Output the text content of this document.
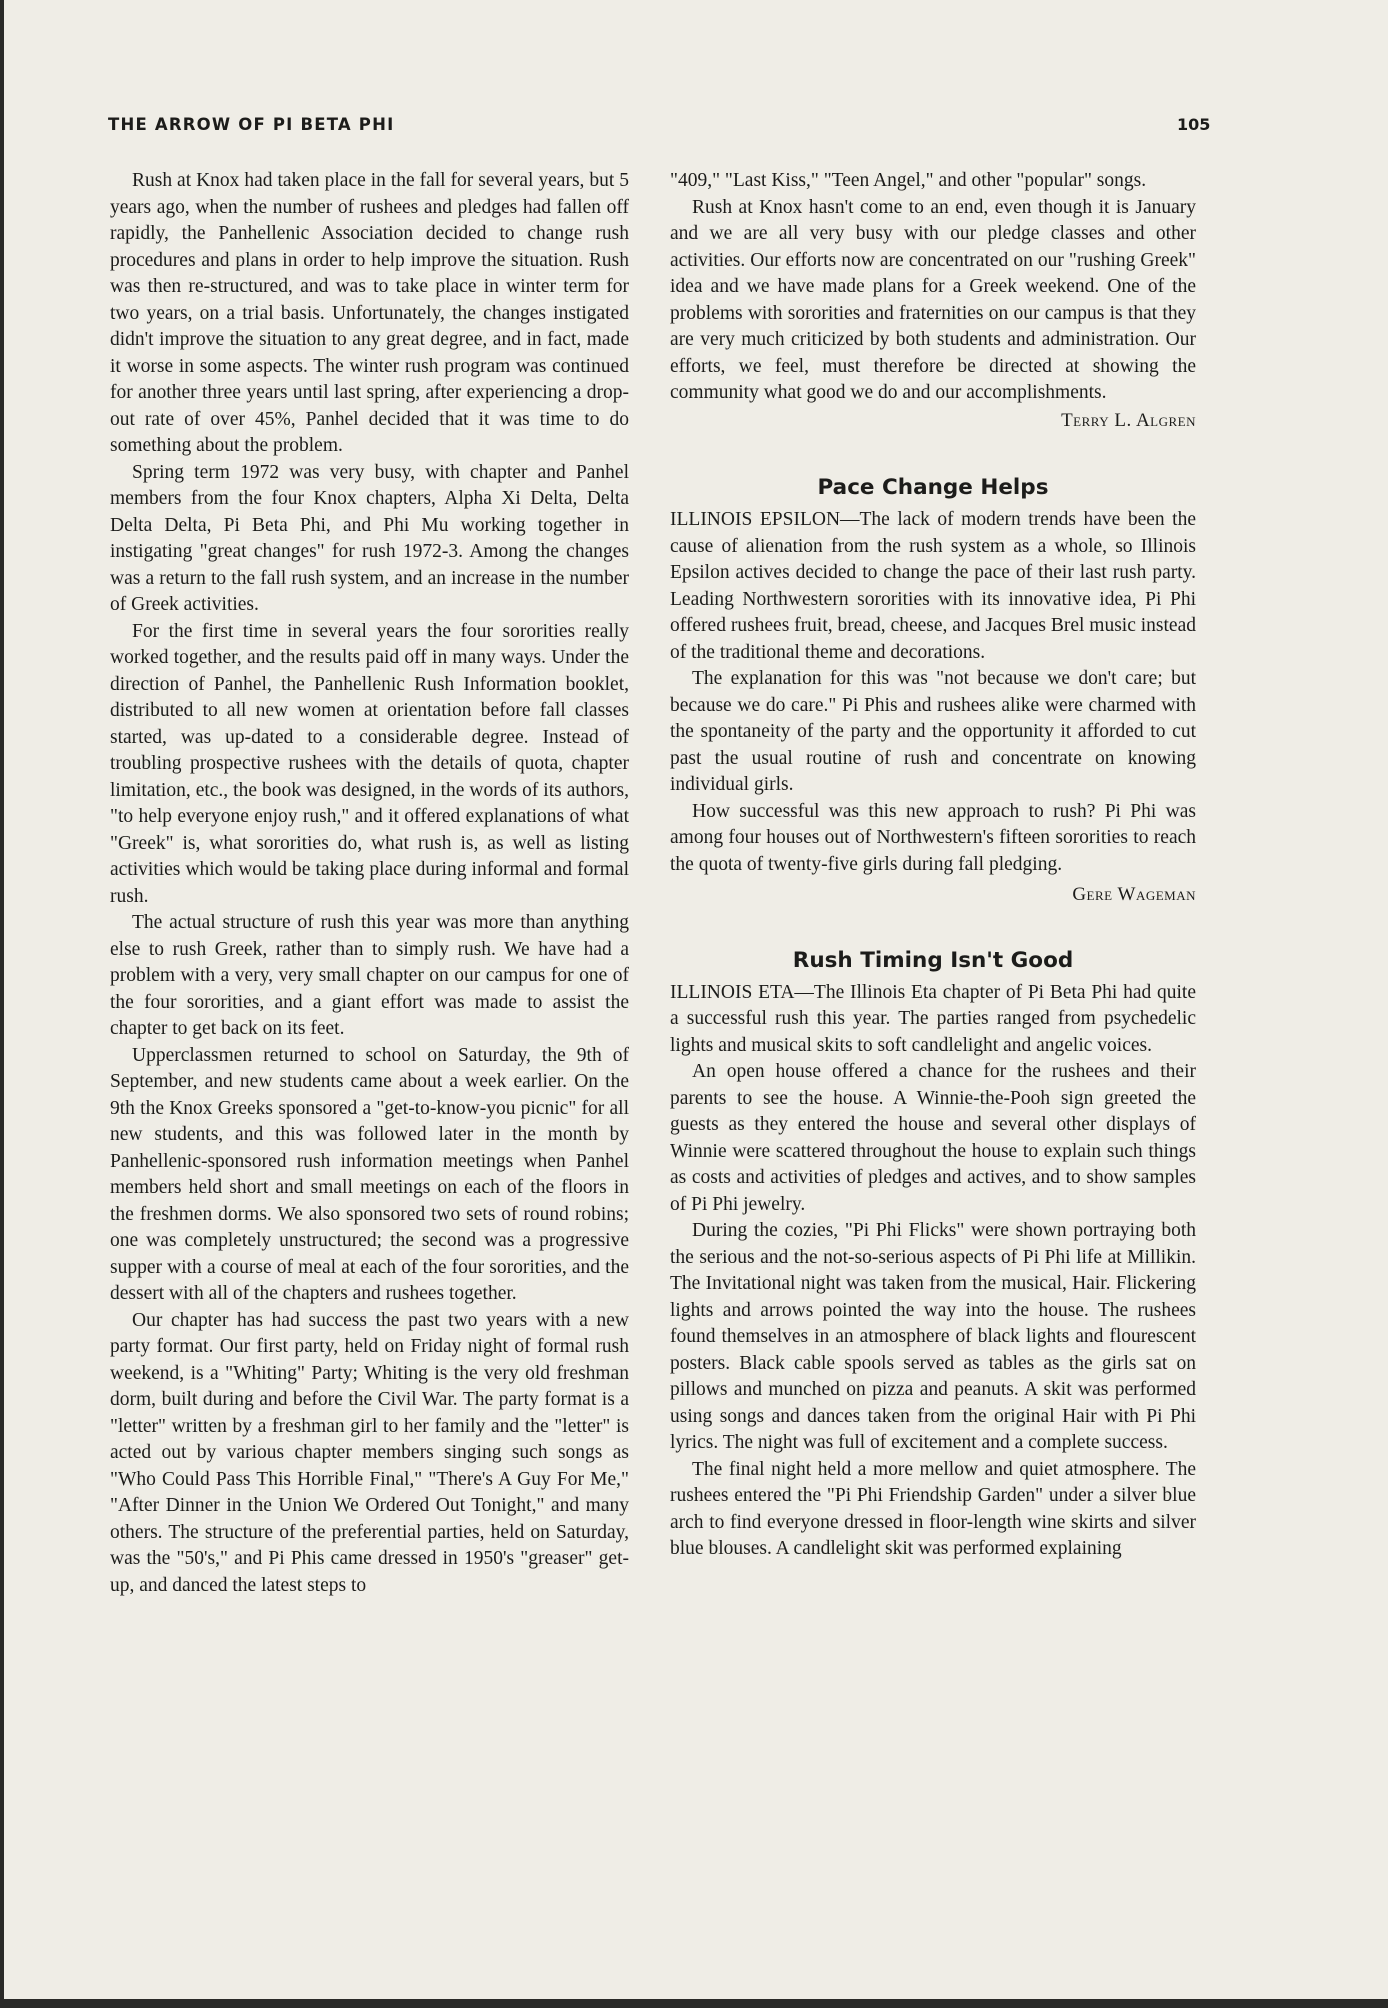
THE ARROW OF PI BETA PHI	105

Rush at Knox had taken place in the fall for several years, but 5 years ago, when the number of rushees and pledges had fallen off rapidly, the Panhellenic Association decided to change rush procedures and plans in order to help improve the situation. Rush was then re-structured, and was to take place in winter term for two years, on a trial basis. Unfortunately, the changes instigated didn't improve the situation to any great degree, and in fact, made it worse in some aspects. The winter rush program was continued for another three years until last spring, after experiencing a drop-out rate of over 45%, Panhel decided that it was time to do something about the problem.

Spring term 1972 was very busy, with chapter and Panhel members from the four Knox chapters, Alpha Xi Delta, Delta Delta Delta, Pi Beta Phi, and Phi Mu working together in instigating "great changes" for rush 1972-3. Among the changes was a return to the fall rush system, and an increase in the number of Greek activities.

For the first time in several years the four sororities really worked together, and the results paid off in many ways. Under the direction of Panhel, the Panhellenic Rush Information booklet, distributed to all new women at orientation before fall classes started, was up-dated to a considerable degree. Instead of troubling prospective rushees with the details of quota, chapter limitation, etc., the book was designed, in the words of its authors, "to help everyone enjoy rush," and it offered explanations of what "Greek" is, what sororities do, what rush is, as well as listing activities which would be taking place during informal and formal rush.

The actual structure of rush this year was more than anything else to rush Greek, rather than to simply rush. We have had a problem with a very, very small chapter on our campus for one of the four sororities, and a giant effort was made to assist the chapter to get back on its feet.

Upperclassmen returned to school on Saturday, the 9th of September, and new students came about a week earlier. On the 9th the Knox Greeks sponsored a "get-to-know-you picnic" for all new students, and this was followed later in the month by Panhellenic-sponsored rush information meetings when Panhel members held short and small meetings on each of the floors in the freshmen dorms. We also sponsored two sets of round robins; one was completely unstructured; the second was a progressive supper with a course of meal at each of the four sororities, and the dessert with all of the chapters and rushees together.

Our chapter has had success the past two years with a new party format. Our first party, held on Friday night of formal rush weekend, is a "Whiting" Party; Whiting is the very old freshman dorm, built during and before the Civil War. The party format is a "letter" written by a freshman girl to her family and the "letter" is acted out by various chapter members singing such songs as "Who Could Pass This Horrible Final," "There's A Guy For Me," "After Dinner in the Union We Ordered Out Tonight," and many others. The structure of the preferential parties, held on Saturday, was the "50's," and Pi Phis came dressed in 1950's "greaser" get-up, and danced the latest steps to

"409," "Last Kiss," "Teen Angel," and other "popular" songs.

Rush at Knox hasn't come to an end, even though it is January and we are all very busy with our pledge classes and other activities. Our efforts now are concentrated on our "rushing Greek" idea and we have made plans for a Greek weekend. One of the problems with sororities and fraternities on our campus is that they are very much criticized by both students and administration. Our efforts, we feel, must therefore be directed at showing the community what good we do and our accomplishments.

Terry L. Algren
Pace Change Helps

ILLINOIS EPSILON—The lack of modern trends have been the cause of alienation from the rush system as a whole, so Illinois Epsilon actives decided to change the pace of their last rush party. Leading Northwestern sororities with its innovative idea, Pi Phi offered rushees fruit, bread, cheese, and Jacques Brel music instead of the traditional theme and decorations.

The explanation for this was "not because we don't care; but because we do care." Pi Phis and rushees alike were charmed with the spontaneity of the party and the opportunity it afforded to cut past the usual routine of rush and concentrate on knowing individual girls.

How successful was this new approach to rush? Pi Phi was among four houses out of Northwestern's fifteen sororities to reach the quota of twenty-five girls during fall pledging.

Gere Wageman
Rush Timing Isn't Good

ILLINOIS ETA—The Illinois Eta chapter of Pi Beta Phi had quite a successful rush this year. The parties ranged from psychedelic lights and musical skits to soft candlelight and angelic voices.

An open house offered a chance for the rushees and their parents to see the house. A Winnie-the-Pooh sign greeted the guests as they entered the house and several other displays of Winnie were scattered throughout the house to explain such things as costs and activities of pledges and actives, and to show samples of Pi Phi jewelry.

During the cozies, "Pi Phi Flicks" were shown portraying both the serious and the not-so-serious aspects of Pi Phi life at Millikin. The Invitational night was taken from the musical, Hair. Flickering lights and arrows pointed the way into the house. The rushees found themselves in an atmosphere of black lights and flourescent posters. Black cable spools served as tables as the girls sat on pillows and munched on pizza and peanuts. A skit was performed using songs and dances taken from the original Hair with Pi Phi lyrics. The night was full of excitement and a complete success.

The final night held a more mellow and quiet atmosphere. The rushees entered the "Pi Phi Friendship Garden" under a silver blue arch to find everyone dressed in floor-length wine skirts and silver blue blouses. A candlelight skit was performed explaining
